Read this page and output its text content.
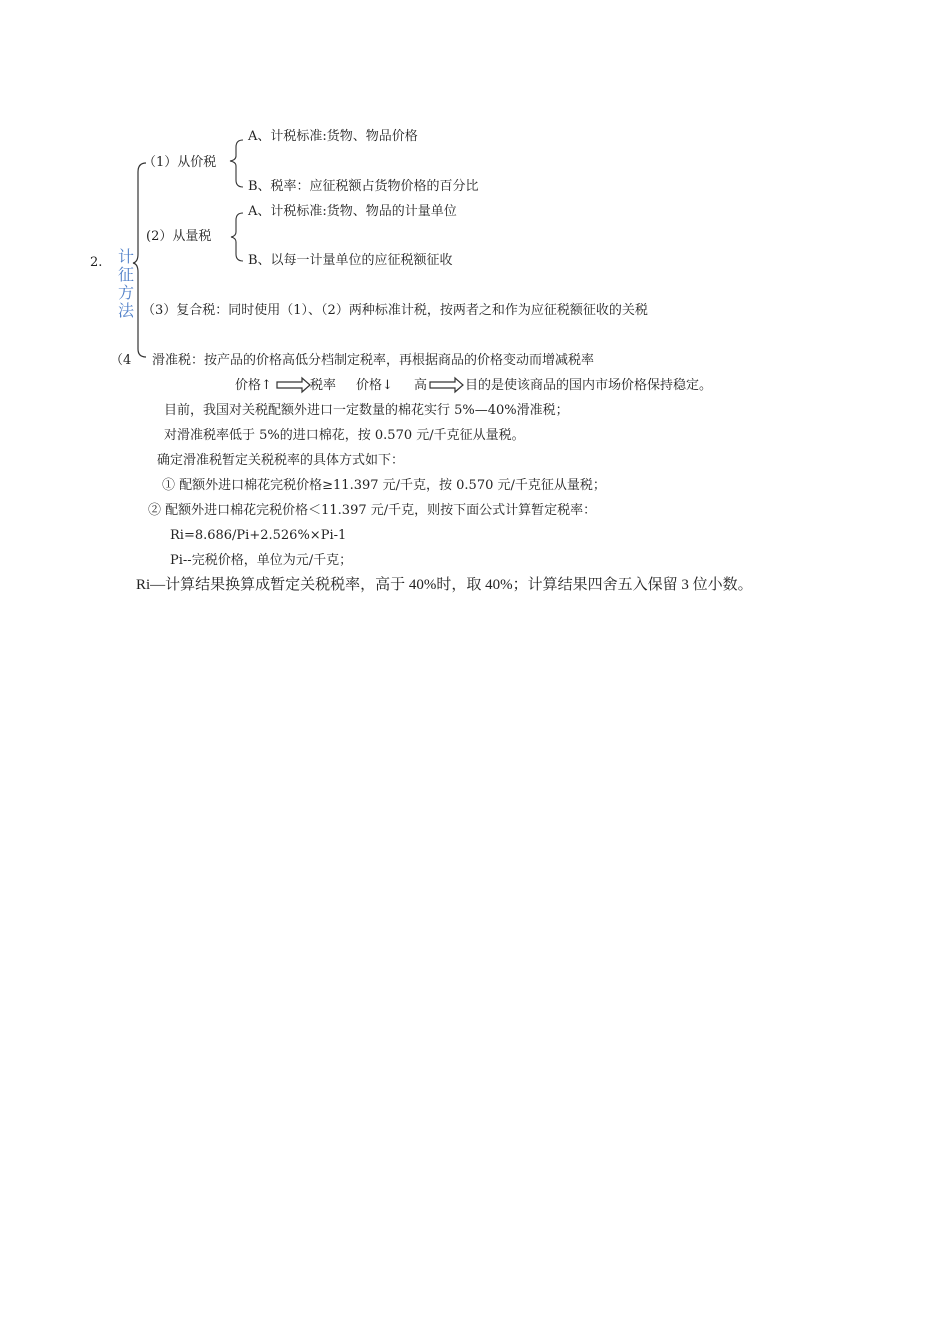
2. 计
征
方
法
（1）从价税
A、计税标准:货物、物品价格
B、税率：应征税额占货物价格的百分比
(2）从量税
A、计税标准:货物、物品的计量单位
B、以每一计量单位的应征税额征收
（3）复合税：同时使用（1）、（2）两种标准计税，按两者之和作为应征税额征收的关税
（4 滑准税：按产品的价格高低分档制定税率，再根据商品的价格变动而增减税率
价格↑	税率 价格↓ 高	目的是使该商品的国内市场价格保持稳定。
目前，我国对关税配额外进口一定数量的棉花实行 5%—40%滑准税；
对滑准税率低于 5%的进口棉花，按 0.570 元/千克征从量税。
确定滑准税暂定关税税率的具体方式如下：
① 配额外进口棉花完税价格≥11.397 元/千克，按 0.570 元/千克征从量税；
② 配额外进口棉花完税价格＜11.397 元/千克，则按下面公式计算暂定税率：
Ri=8.686/Pi+2.526%×Pi-1
Pi--完税价格，单位为元/千克；
Ri—计算结果换算成暂定关税税率，高于 40%时，取 40%；计算结果四舍五入保留 3 位小数。
